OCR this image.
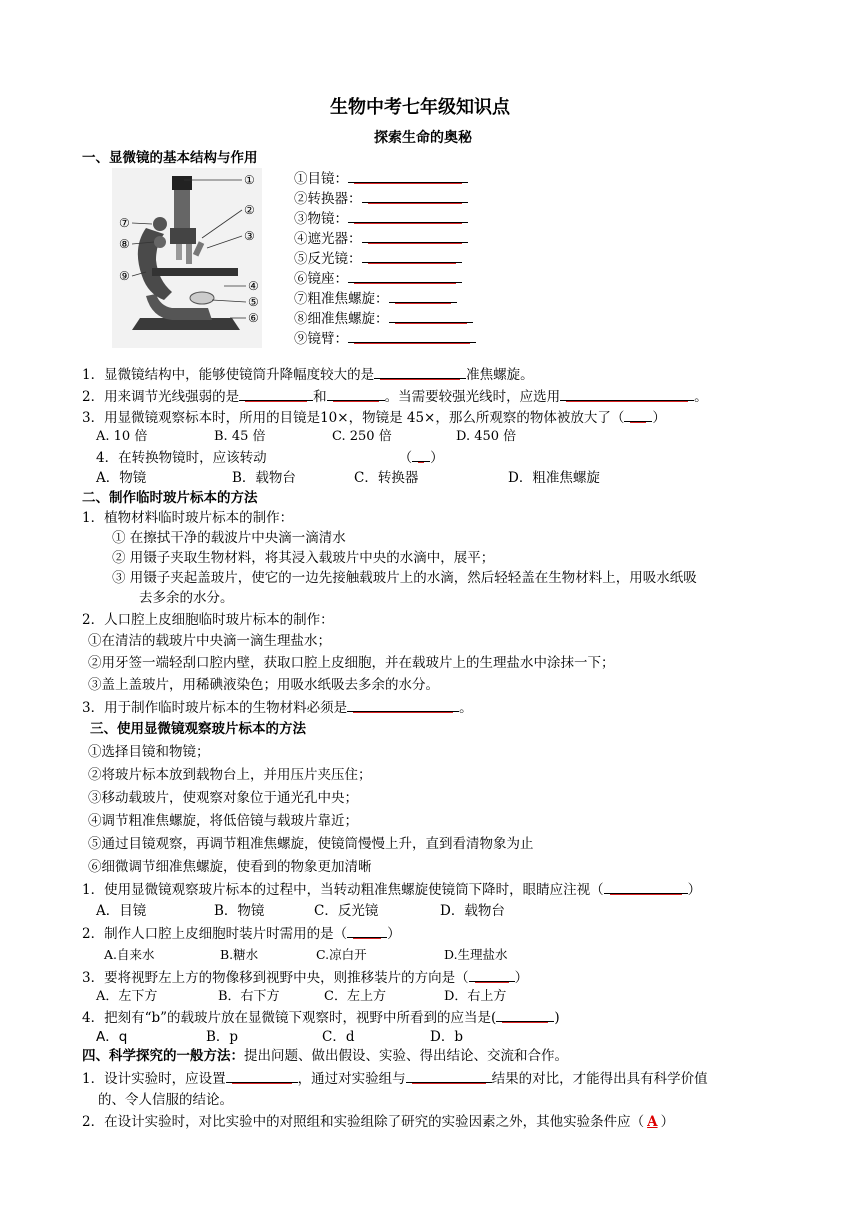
生物中考七年级知识点
探索生命的奥秘
一、显微镜的基本结构与作用
①
②
③
④
⑤
⑥
⑦
⑧
⑨
①目镜：
②转换器：
③物镜：
④遮光器：
⑤反光镜：
⑥镜座：
⑦粗准焦螺旋：
⑧细准焦螺旋：
⑨镜臂：
1．显微镜结构中，能够使镜筒升降幅度较大的是	准焦螺旋。
2．用来调节光线强弱的是	和	。当需要较强光线时，应选用	。
3．用显微镜观察标本时，所用的目镜是10×，物镜是 45×，那么所观察的物体被放大了（ ）
A. 10 倍	B. 45 倍	C. 250 倍	D. 450 倍
4．在转换物镜时，应该转动	（ ）
A．物镜	B．载物台	C．转换器	D．粗准焦螺旋
二、制作临时玻片标本的方法
1．植物材料临时玻片标本的制作：
① 在擦拭干净的载波片中央滴一滴清水
② 用镊子夹取生物材料，将其浸入载玻片中央的水滴中，展平；
③ 用镊子夹起盖玻片，使它的一边先接触载玻片上的水滴，然后轻轻盖在生物材料上，用吸水纸吸
去多余的水分。
2．人口腔上皮细胞临时玻片标本的制作：
①在清洁的载玻片中央滴一滴生理盐水；
②用牙签一端轻刮口腔内壁，获取口腔上皮细胞，并在载玻片上的生理盐水中涂抹一下；
③盖上盖玻片，用稀碘液染色；用吸水纸吸去多余的水分。
3．用于制作临时玻片标本的生物材料必须是	。
三、使用显微镜观察玻片标本的方法
①选择目镜和物镜；
②将玻片标本放到载物台上，并用压片夹压住；
③移动载玻片，使观察对象位于通光孔中央；
④调节粗准焦螺旋，将低倍镜与载玻片靠近；
⑤通过目镜观察，再调节粗准焦螺旋，使镜筒慢慢上升，直到看清物象为止
⑥细微调节细准焦螺旋，使看到的物象更加清晰
1．使用显微镜观察玻片标本的过程中，当转动粗准焦螺旋使镜筒下降时，眼睛应注视（	）
A．目镜	B．物镜	C．反光镜	D．载物台
2．制作人口腔上皮细胞时装片时需用的是（	）
A.自来水	B.糖水	C.凉白开	D.生理盐水
3．要将视野左上方的物像移到视野中央，则推移装片的方向是（	）
A．左下方	B．右下方	C．左上方	D．右上方
4．把刻有“b”的载玻片放在显微镜下观察时，视野中所看到的应当是(	)
A．q	B．p	C．d	D．b
四、科学探究的一般方法：提出问题、做出假设、实验、得出结论、交流和合作。
1．设计实验时，应设置	，通过对实验组与	结果的对比，才能得出具有科学价值
的、令人信服的结论。
2．在设计实验时，对比实验中的对照组和实验组除了研究的实验因素之外，其他实验条件应（ A ）
